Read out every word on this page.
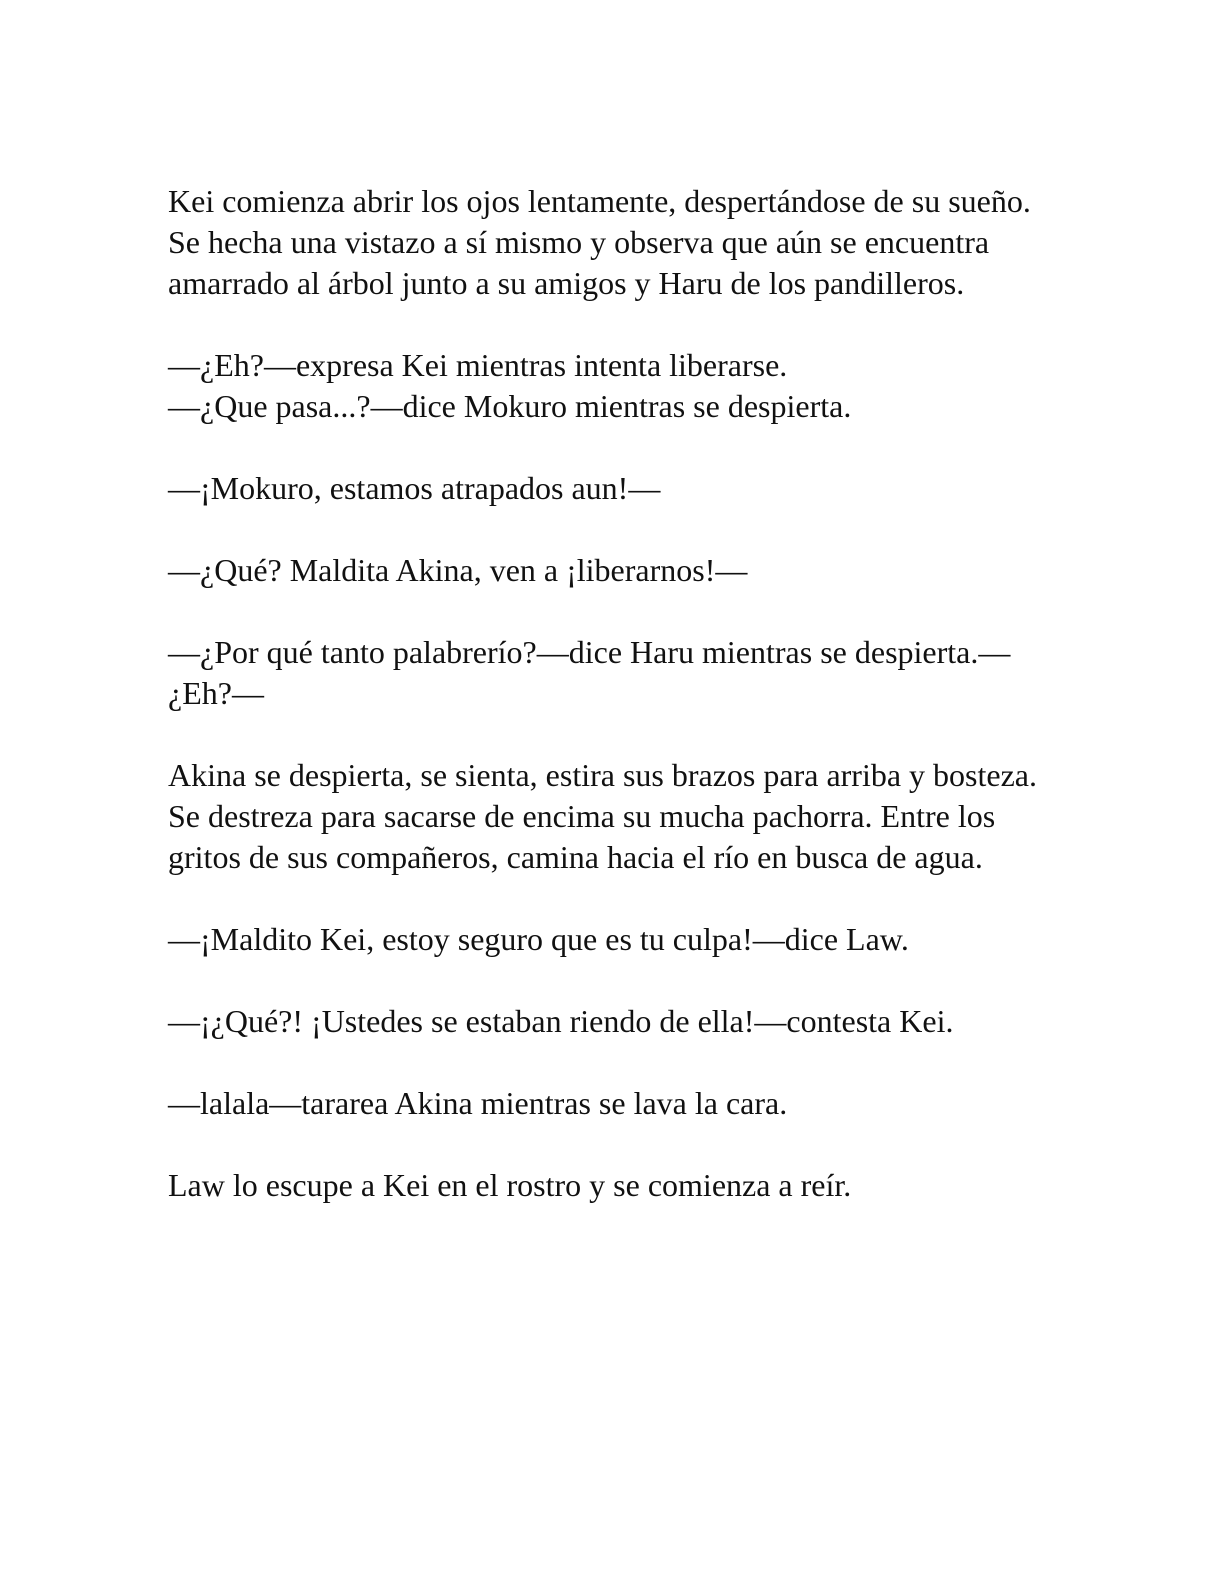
Kei comienza abrir los ojos lentamente, despertándose de su sueño.

Se hecha una vistazo a sí mismo y observa que aún se encuentra amarrado al árbol junto a su amigos y Haru de los pandilleros.

—¿Eh?—expresa Kei mientras intenta liberarse.

—¿Que pasa...?—dice Mokuro mientras se despierta.

—¡Mokuro, estamos atrapados aun!—

—¿Qué? Maldita Akina, ven a ¡liberarnos!—

—¿Por qué tanto palabrerío?—dice Haru mientras se despierta.— ¿Eh?—

Akina se despierta, se sienta, estira sus brazos para arriba y bosteza.

Se destreza para sacarse de encima su mucha pachorra. Entre los gritos de sus compañeros, camina hacia el río en busca de agua.

—¡Maldito Kei, estoy seguro que es tu culpa!—dice Law.

—¡¿Qué?! ¡Ustedes se estaban riendo de ella!—contesta Kei.

—lalala—tararea Akina mientras se lava la cara.

Law lo escupe a Kei en el rostro y se comienza a reír.
